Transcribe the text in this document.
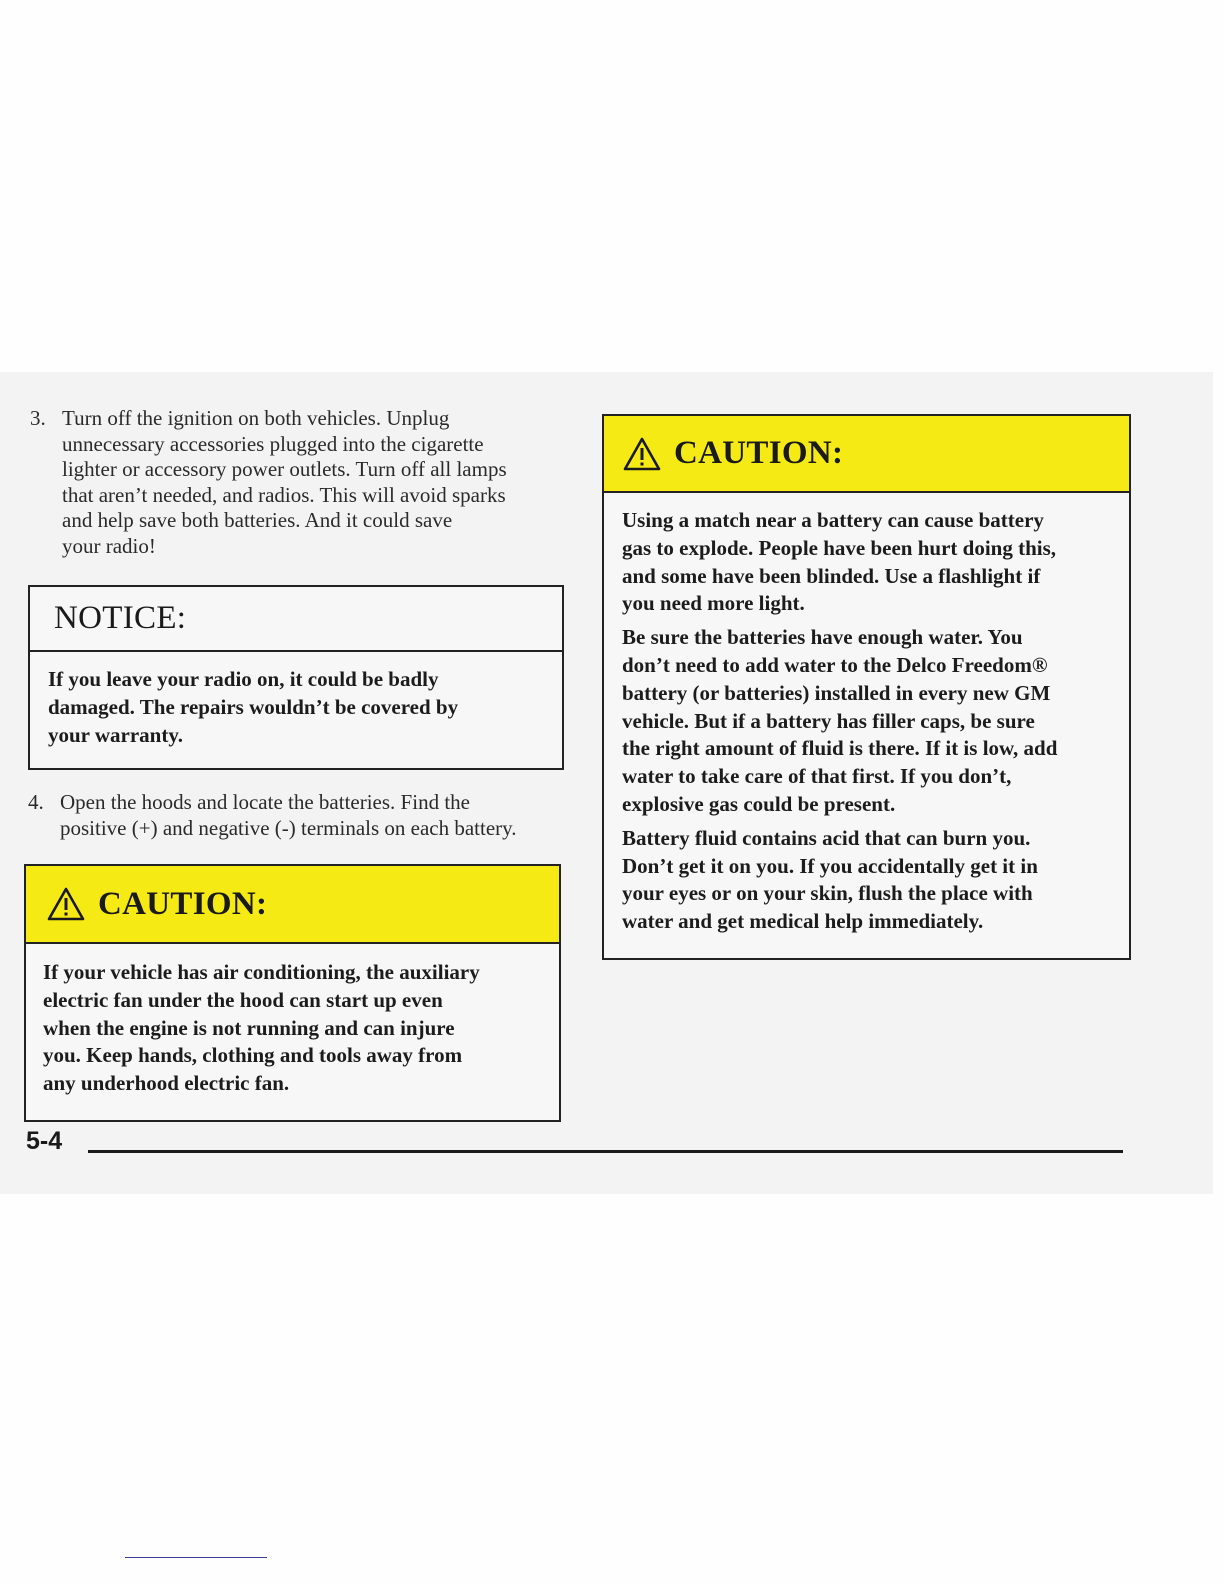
3. Turn off the ignition on both vehicles. Unplug
unnecessary accessories plugged into the cigarette
lighter or accessory power outlets. Turn off all lamps
that aren’t needed, and radios. This will avoid sparks
and help save both batteries. And it could save
your radio!
NOTICE:

If you leave your radio on, it could be badly

damaged. The repairs wouldn’t be covered by

your warranty.

4. Open the hoods and locate the batteries. Find the
positive (+) and negative (-) terminals on each battery.
CAUTION:

If your vehicle has air conditioning, the auxiliary

electric fan under the hood can start up even

when the engine is not running and can injure

you. Keep hands, clothing and tools away from

any underhood electric fan.

CAUTION:

Using a match near a battery can cause battery

gas to explode. People have been hurt doing this,

and some have been blinded. Use a flashlight if

you need more light.

Be sure the batteries have enough water. You

don’t need to add water to the Delco Freedom®

battery (or batteries) installed in every new GM

vehicle. But if a battery has filler caps, be sure

the right amount of fluid is there. If it is low, add

water to take care of that first. If you don’t,

explosive gas could be present.

Battery fluid contains acid that can burn you.

Don’t get it on you. If you accidentally get it in

your eyes or on your skin, flush the place with

water and get medical help immediately.

5-4
